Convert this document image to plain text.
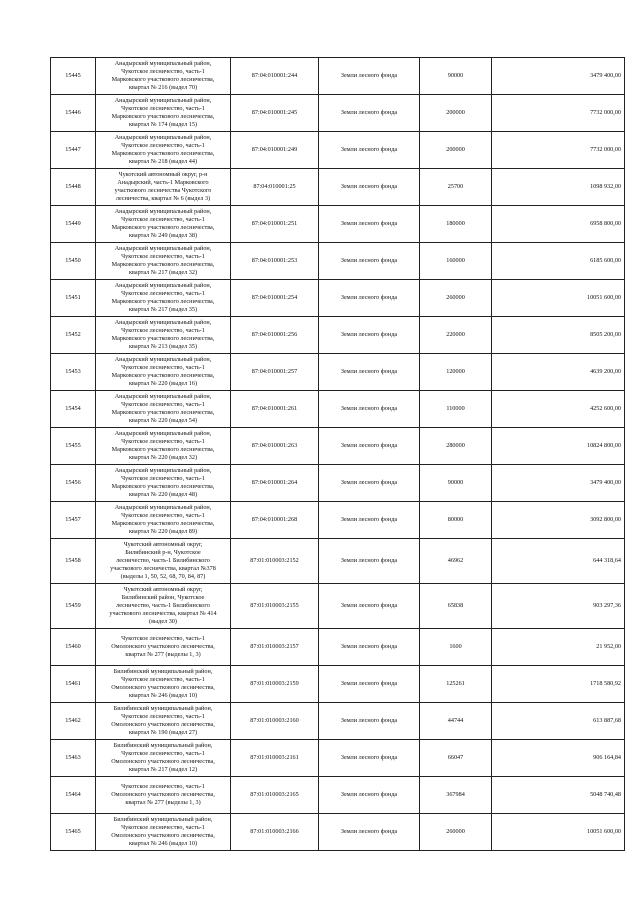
15445	Анадырский муниципальный район,
Чукотское лесничество, часть-1
Марковского участкового лесничества,
квартал № 216 (выдел 70)	87:04:010001:244	Земли лесного фонда	90000	3479 400,00
15446	Анадырский муниципальный район,
Чукотское лесничество, часть-1
Марковского участкового лесничества,
квартал № 174 (выдел 15)	87:04:010001:245	Земли лесного фонда	200000	7732 000,00
15447	Анадырский муниципальный район,
Чукотское лесничество, часть-1
Марковского участкового лесничества,
квартал № 218 (выдел 44)	87:04:010001:249	Земли лесного фонда	200000	7732 000,00
15448	Чукотский автономный округ, р-н
Анадырский, часть-1 Марковского
участкового лесничества Чукотского
лесничества, квартал № 6 (выдел 3)	87:04:010001:25	Земли лесного фонда	25700	1098 932,00
15449	Анадырский муниципальный район,
Чукотское лесничество, часть-1
Марковского участкового лесничества,
квартал № 249 (выдел 38)	87:04:010001:251	Земли лесного фонда	180000	6958 800,00
15450	Анадырский муниципальный район,
Чукотское лесничество, часть-1
Марковского участкового лесничества,
квартал № 217 (выдел 32)	87:04:010001:253	Земли лесного фонда	160000	6185 600,00
15451	Анадырский муниципальный район,
Чукотское лесничество, часть-1
Марковского участкового лесничества,
квартал № 217 (выдел 35)	87:04:010001:254	Земли лесного фонда	260000	10051 600,00
15452	Анадырский муниципальный район,
Чукотское лесничество, часть-1
Марковского участкового лесничества,
квартал № 213 (выдел 35)	87:04:010001:256	Земли лесного фонда	220000	8505 200,00
15453	Анадырский муниципальный район,
Чукотское лесничество, часть-1
Марковского участкового лесничества,
квартал № 220 (выдел 16)	87:04:010001:257	Земли лесного фонда	120000	4639 200,00
15454	Анадырский муниципальный район,
Чукотское лесничество, часть-1
Марковского участкового лесничества,
квартал № 220 (выдел 54)	87:04:010001:261	Земли лесного фонда	110000	4252 600,00
15455	Анадырский муниципальный район,
Чукотское лесничество, часть-1
Марковского участкового лесничества,
квартал № 220 (выдел 32)	87:04:010001:263	Земли лесного фонда	280000	10824 800,00
15456	Анадырский муниципальный район,
Чукотское лесничество, часть-1
Марковского участкового лесничества,
квартал № 220 (выдел 48)	87:04:010001:264	Земли лесного фонда	90000	3479 400,00
15457	Анадырский муниципальный район,
Чукотское лесничество, часть-1
Марковского участкового лесничества,
квартал № 220 (выдел 89)	87:04:010001:268	Земли лесного фонда	80000	3092 800,00
15458	Чукотский автономный округ,
Билибинский р-н, Чукотское
лесничество, часть-1 Билибинского
участкового лесничества, квартал №378
(выделы 1, 50, 52, 68, 70, 84, 87)	87:01:010003:2152	Земли лесного фонда	46962	644 318,64
15459	Чукотский автономный округ,
Билибинский район, Чукотское
лесничество, часть-1 Билибинского
участкового лесничества, квартал № 414
(выдел 30)	87:01:010003:2155	Земли лесного фонда	65838	903 297,36
15460	Чукотское лесничество, часть-1
Омолонского участкового лесничества,
квартал № 277 (выделы 1, 3)	87:01:010003:2157	Земли лесного фонда	1600	21 952,00
15461	Билибинский муниципальный район,
Чукотское лесничество, часть-1
Омолонского участкового лесничества,
квартал № 246 (выдел 10)	87:01:010003:2159	Земли лесного фонда	125261	1718 580,92
15462	Билибинский муниципальный район,
Чукотское лесничество, часть-1
Омолонского участкового лесничества,
квартал № 190 (выдел 27)	87:01:010003:2160	Земли лесного фонда	44744	613 887,68
15463	Билибинский муниципальный район,
Чукотское лесничество, часть-1
Омолонского участкового лесничества,
квартал № 217 (выдел 12)	87:01:010003:2161	Земли лесного фонда	66047	906 164,84
15464	Чукотское лесничество, часть-1
Омолонского участкового лесничества,
квартал № 277 (выделы 1, 3)	87:01:010003:2165	Земли лесного фонда	367984	5048 740,48
15465	Билибинский муниципальный район,
Чукотское лесничество, часть-1
Омолонского участкового лесничества,
квартал № 246 (выдел 10)	87:01:010003:2166	Земли лесного фонда	260000	10051 600,00
